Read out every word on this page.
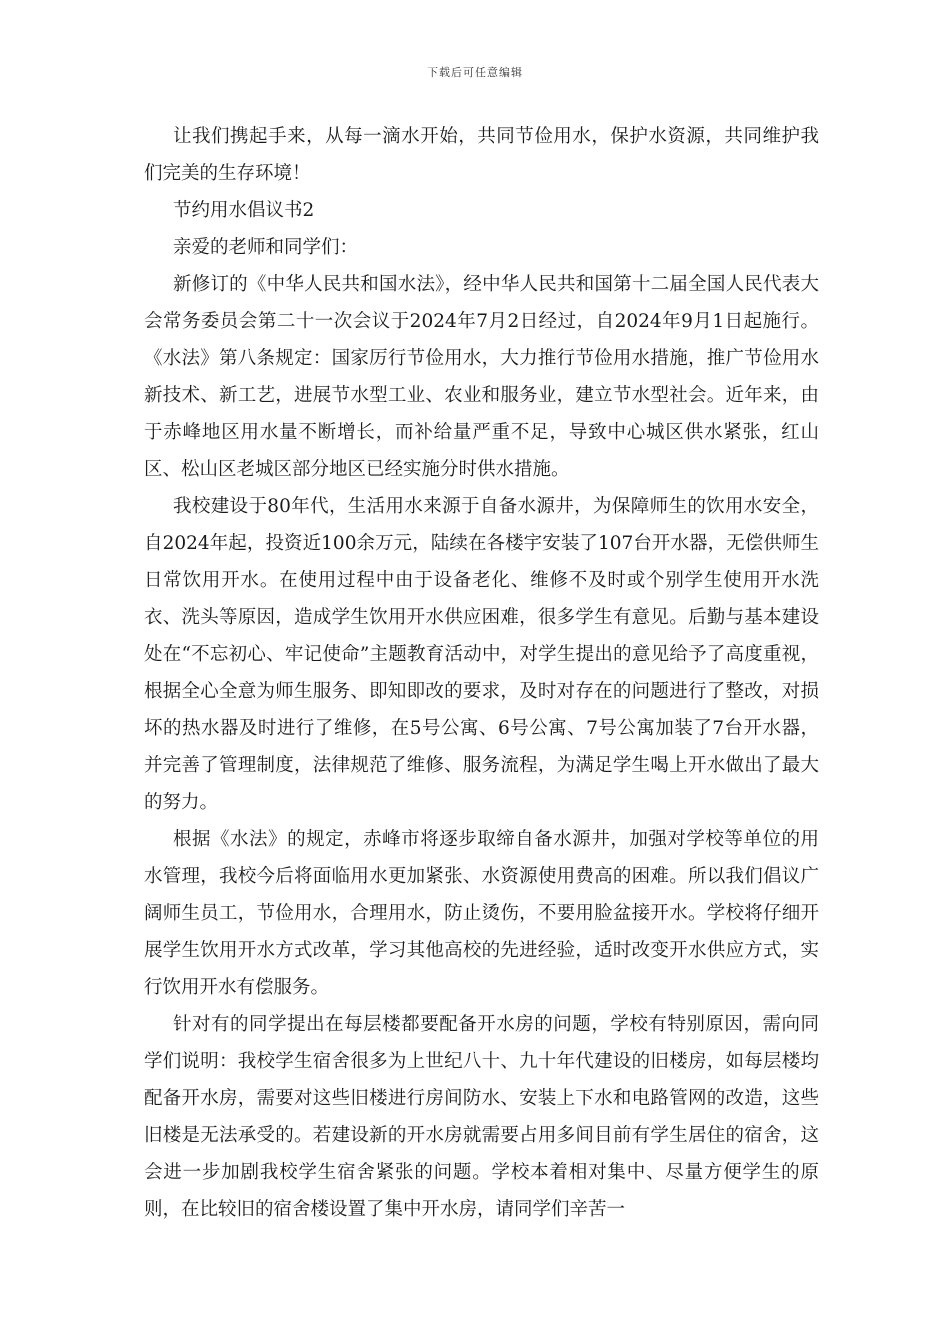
下载后可任意编辑

让我们携起手来，从每一滴水开始，共同节俭用水，保护水资源，共同维护我们完美的生存环境！

节约用水倡议书2

亲爱的老师和同学们：

新修订的《中华人民共和国水法》，经中华人民共和国第十二届全国人民代表大会常务委员会第二十一次会议于2024年7月2日经过，自2024年9月1日起施行。《水法》第八条规定：国家厉行节俭用水，大力推行节俭用水措施，推广节俭用水新技术、新工艺，进展节水型工业、农业和服务业，建立节水型社会。近年来，由于赤峰地区用水量不断增长，而补给量严重不足，导致中心城区供水紧张，红山区、松山区老城区部分地区已经实施分时供水措施。

我校建设于80年代，生活用水来源于自备水源井，为保障师生的饮用水安全，自2024年起，投资近100余万元，陆续在各楼宇安装了107台开水器，无偿供师生日常饮用开水。在使用过程中由于设备老化、维修不及时或个别学生使用开水洗衣、洗头等原因，造成学生饮用开水供应困难，很多学生有意见。后勤与基本建设处在“不忘初心、牢记使命”主题教育活动中，对学生提出的意见给予了高度重视，根据全心全意为师生服务、即知即改的要求，及时对存在的问题进行了整改，对损坏的热水器及时进行了维修，在5号公寓、6号公寓、7号公寓加装了7台开水器，并完善了管理制度，法律规范了维修、服务流程，为满足学生喝上开水做出了最大的努力。

根据《水法》的规定，赤峰市将逐步取缔自备水源井，加强对学校等单位的用水管理，我校今后将面临用水更加紧张、水资源使用费高的困难。所以我们倡议广阔师生员工，节俭用水，合理用水，防止烫伤，不要用脸盆接开水。学校将仔细开展学生饮用开水方式改革，学习其他高校的先进经验，适时改变开水供应方式，实行饮用开水有偿服务。

针对有的同学提出在每层楼都要配备开水房的问题，学校有特别原因，需向同学们说明：我校学生宿舍很多为上世纪八十、九十年代建设的旧楼房，如每层楼均配备开水房，需要对这些旧楼进行房间防水、安装上下水和电路管网的改造，这些旧楼是无法承受的。若建设新的开水房就需要占用多间目前有学生居住的宿舍，这会进一步加剧我校学生宿舍紧张的问题。学校本着相对集中、尽量方便学生的原则，在比较旧的宿舍楼设置了集中开水房，请同学们辛苦一
